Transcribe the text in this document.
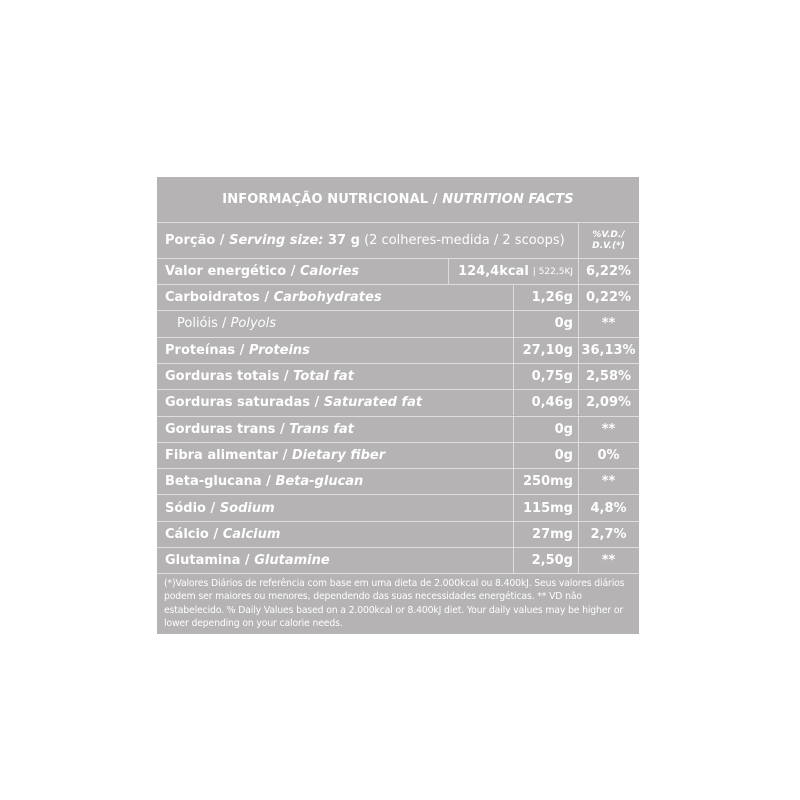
INFORMAÇÃO NUTRICIONAL / NUTRITION FACTS
Porção / Serving size: 37 g (2 colheres-medida / 2 scoops)	%V.D./
D.V.(*)
Valor energético / Calories	124,4kcal | 522,5KJ 6,22%
Carboidratos / Carbohydrates	1,26g 0,22%
Polióis / Polyols	0g	**
Proteínas / Proteins	27,10g 36,13%
Gorduras totais / Total fat	0,75g 2,58%
Gorduras saturadas / Saturated fat	0,46g 2,09%
Gorduras trans / Trans fat	0g	**
Fibra alimentar / Dietary fiber	0g	0%
Beta-glucana / Beta-glucan	250mg	**
Sódio / Sodium	115mg	4,8%
Cálcio / Calcium	27mg	2,7%
Glutamina / Glutamine	2,50g	**
(*)Valores Diários de referência com base em uma dieta de 2.000kcal ou 8.400kJ. Seus valores diários podem ser maiores ou menores, dependendo das suas necessidades energéticas. ** VD não estabelecido. % Daily Values based on a 2.000kcal or 8.400kJ diet. Your daily values may be higher or lower depending on your calorie needs.
